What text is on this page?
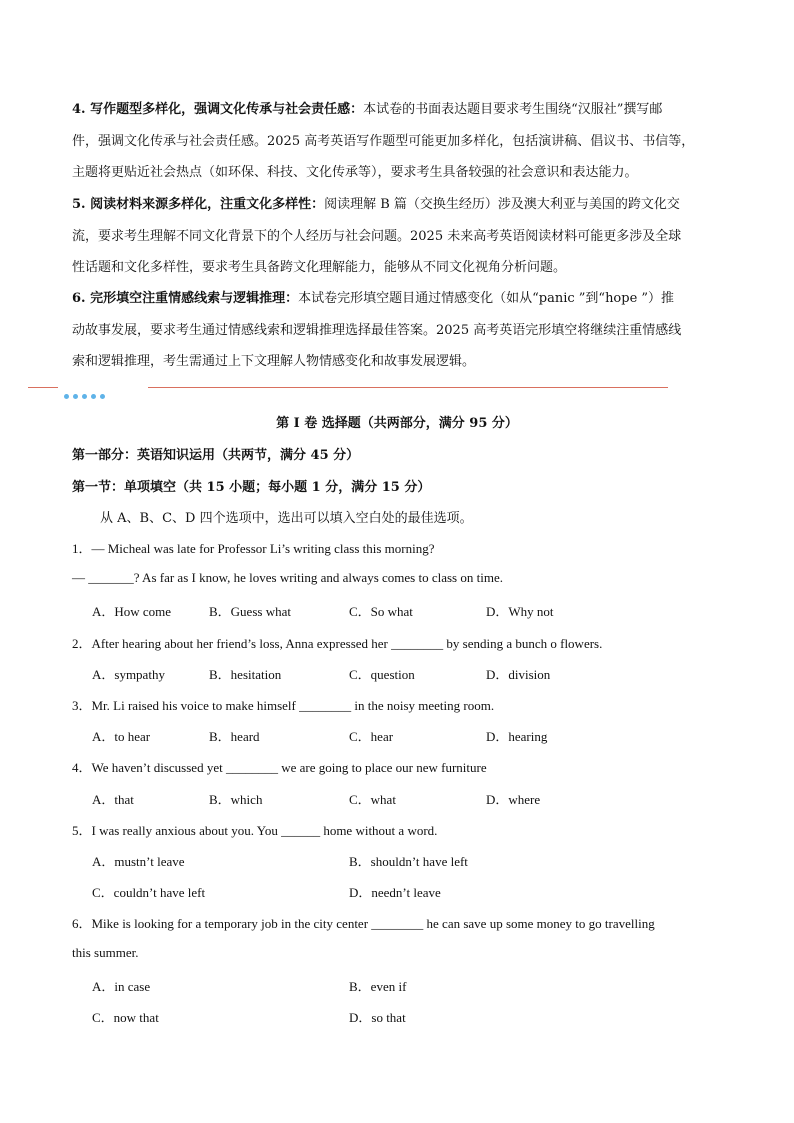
4. 写作题型多样化，强调文化传承与社会责任感：本试卷的书面表达题目要求考生围绕“汉服社”撰写邮
件，强调文化传承与社会责任感。2025 高考英语写作题型可能更加多样化，包括演讲稿、倡议书、书信等，
主题将更贴近社会热点（如环保、科技、文化传承等），要求考生具备较强的社会意识和表达能力。
5. 阅读材料来源多样化，注重文化多样性：阅读理解 B 篇（交换生经历）涉及澳大利亚与美国的跨文化交
流，要求考生理解不同文化背景下的个人经历与社会问题。2025 未来高考英语阅读材料可能更多涉及全球
性话题和文化多样性，要求考生具备跨文化理解能力，能够从不同文化视角分析问题。
6. 完形填空注重情感线索与逻辑推理：本试卷完形填空题目通过情感变化（如从“panic ”到“hope ”）推
动故事发展，要求考生通过情感线索和逻辑推理选择最佳答案。2025 高考英语完形填空将继续注重情感线
索和逻辑推理，考生需通过上下文理解人物情感变化和故事发展逻辑。
第 I 卷 选择题（共两部分，满分 95 分）
第一部分：英语知识运用（共两节，满分 45 分）
第一节：单项填空（共 15 小题；每小题 1 分，满分 15 分）
从 A、B、C、D 四个选项中，选出可以填入空白处的最佳选项。
1．— Micheal was late for Professor Li’s writing class this morning?
— _______? As far as I know, he loves writing and always comes to class on time.
A．How come	B．Guess what	C．So what	D．Why not
2．After hearing about her friend’s loss, Anna expressed her ________ by sending a bunch o flowers.
A．sympathy	B．hesitation	C．question	D．division
3．Mr. Li raised his voice to make himself ________ in the noisy meeting room.
A．to hear	B．heard	C．hear	D．hearing
4．We haven’t discussed yet ________ we are going to place our new furniture
A．that	B．which	C．what	D．where
5．I was really anxious about you. You ______ home without a word.
A．mustn’t leave	B．shouldn’t have left
C．couldn’t have left	D．needn’t leave
6．Mike is looking for a temporary job in the city center ________ he can save up some money to go travelling
this summer.
A．in case	B．even if
C．now that	D．so that
